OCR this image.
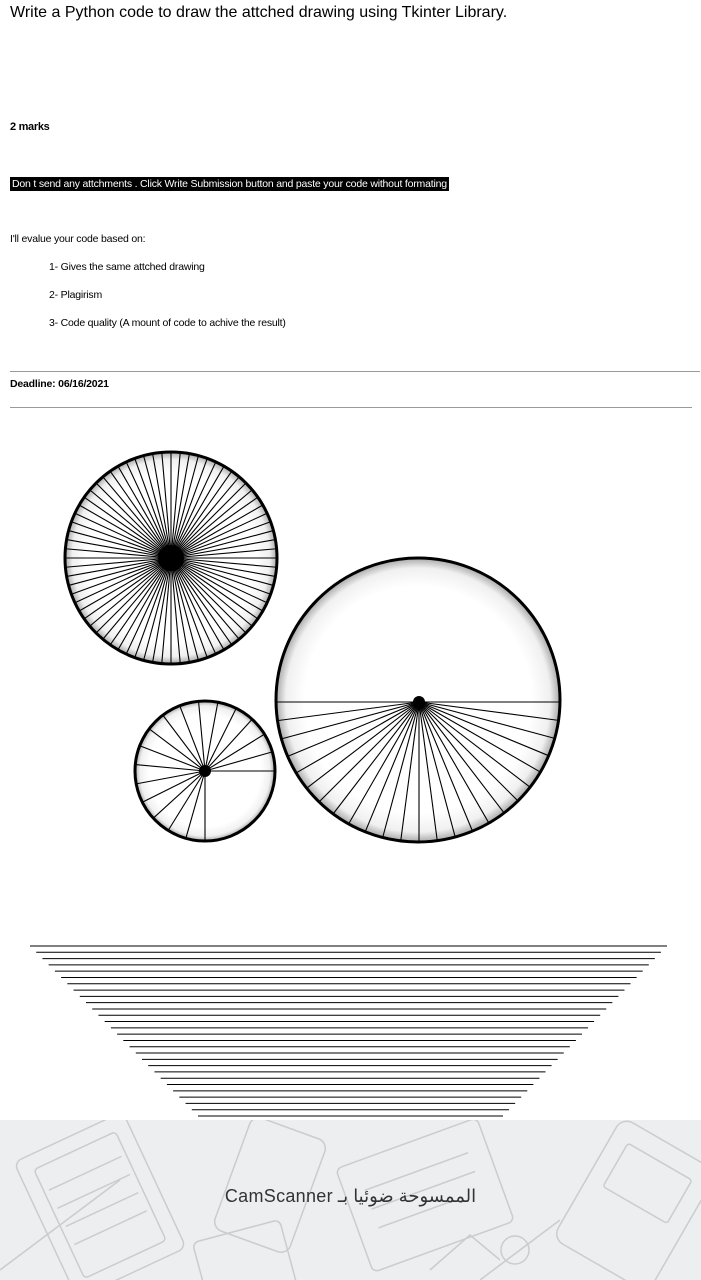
Write a Python code to draw the attched drawing using Tkinter Library.
2 marks
Don t send any attchments . Click Write Submission button and paste your code without formating
I'll evalue your code based on:
1- Gives the same attched drawing
2- Plagirism
3- Code quality (A mount of code to achive the result)
Deadline: 06/16/2021
الممسوحة ضوئيا بـ CamScanner
